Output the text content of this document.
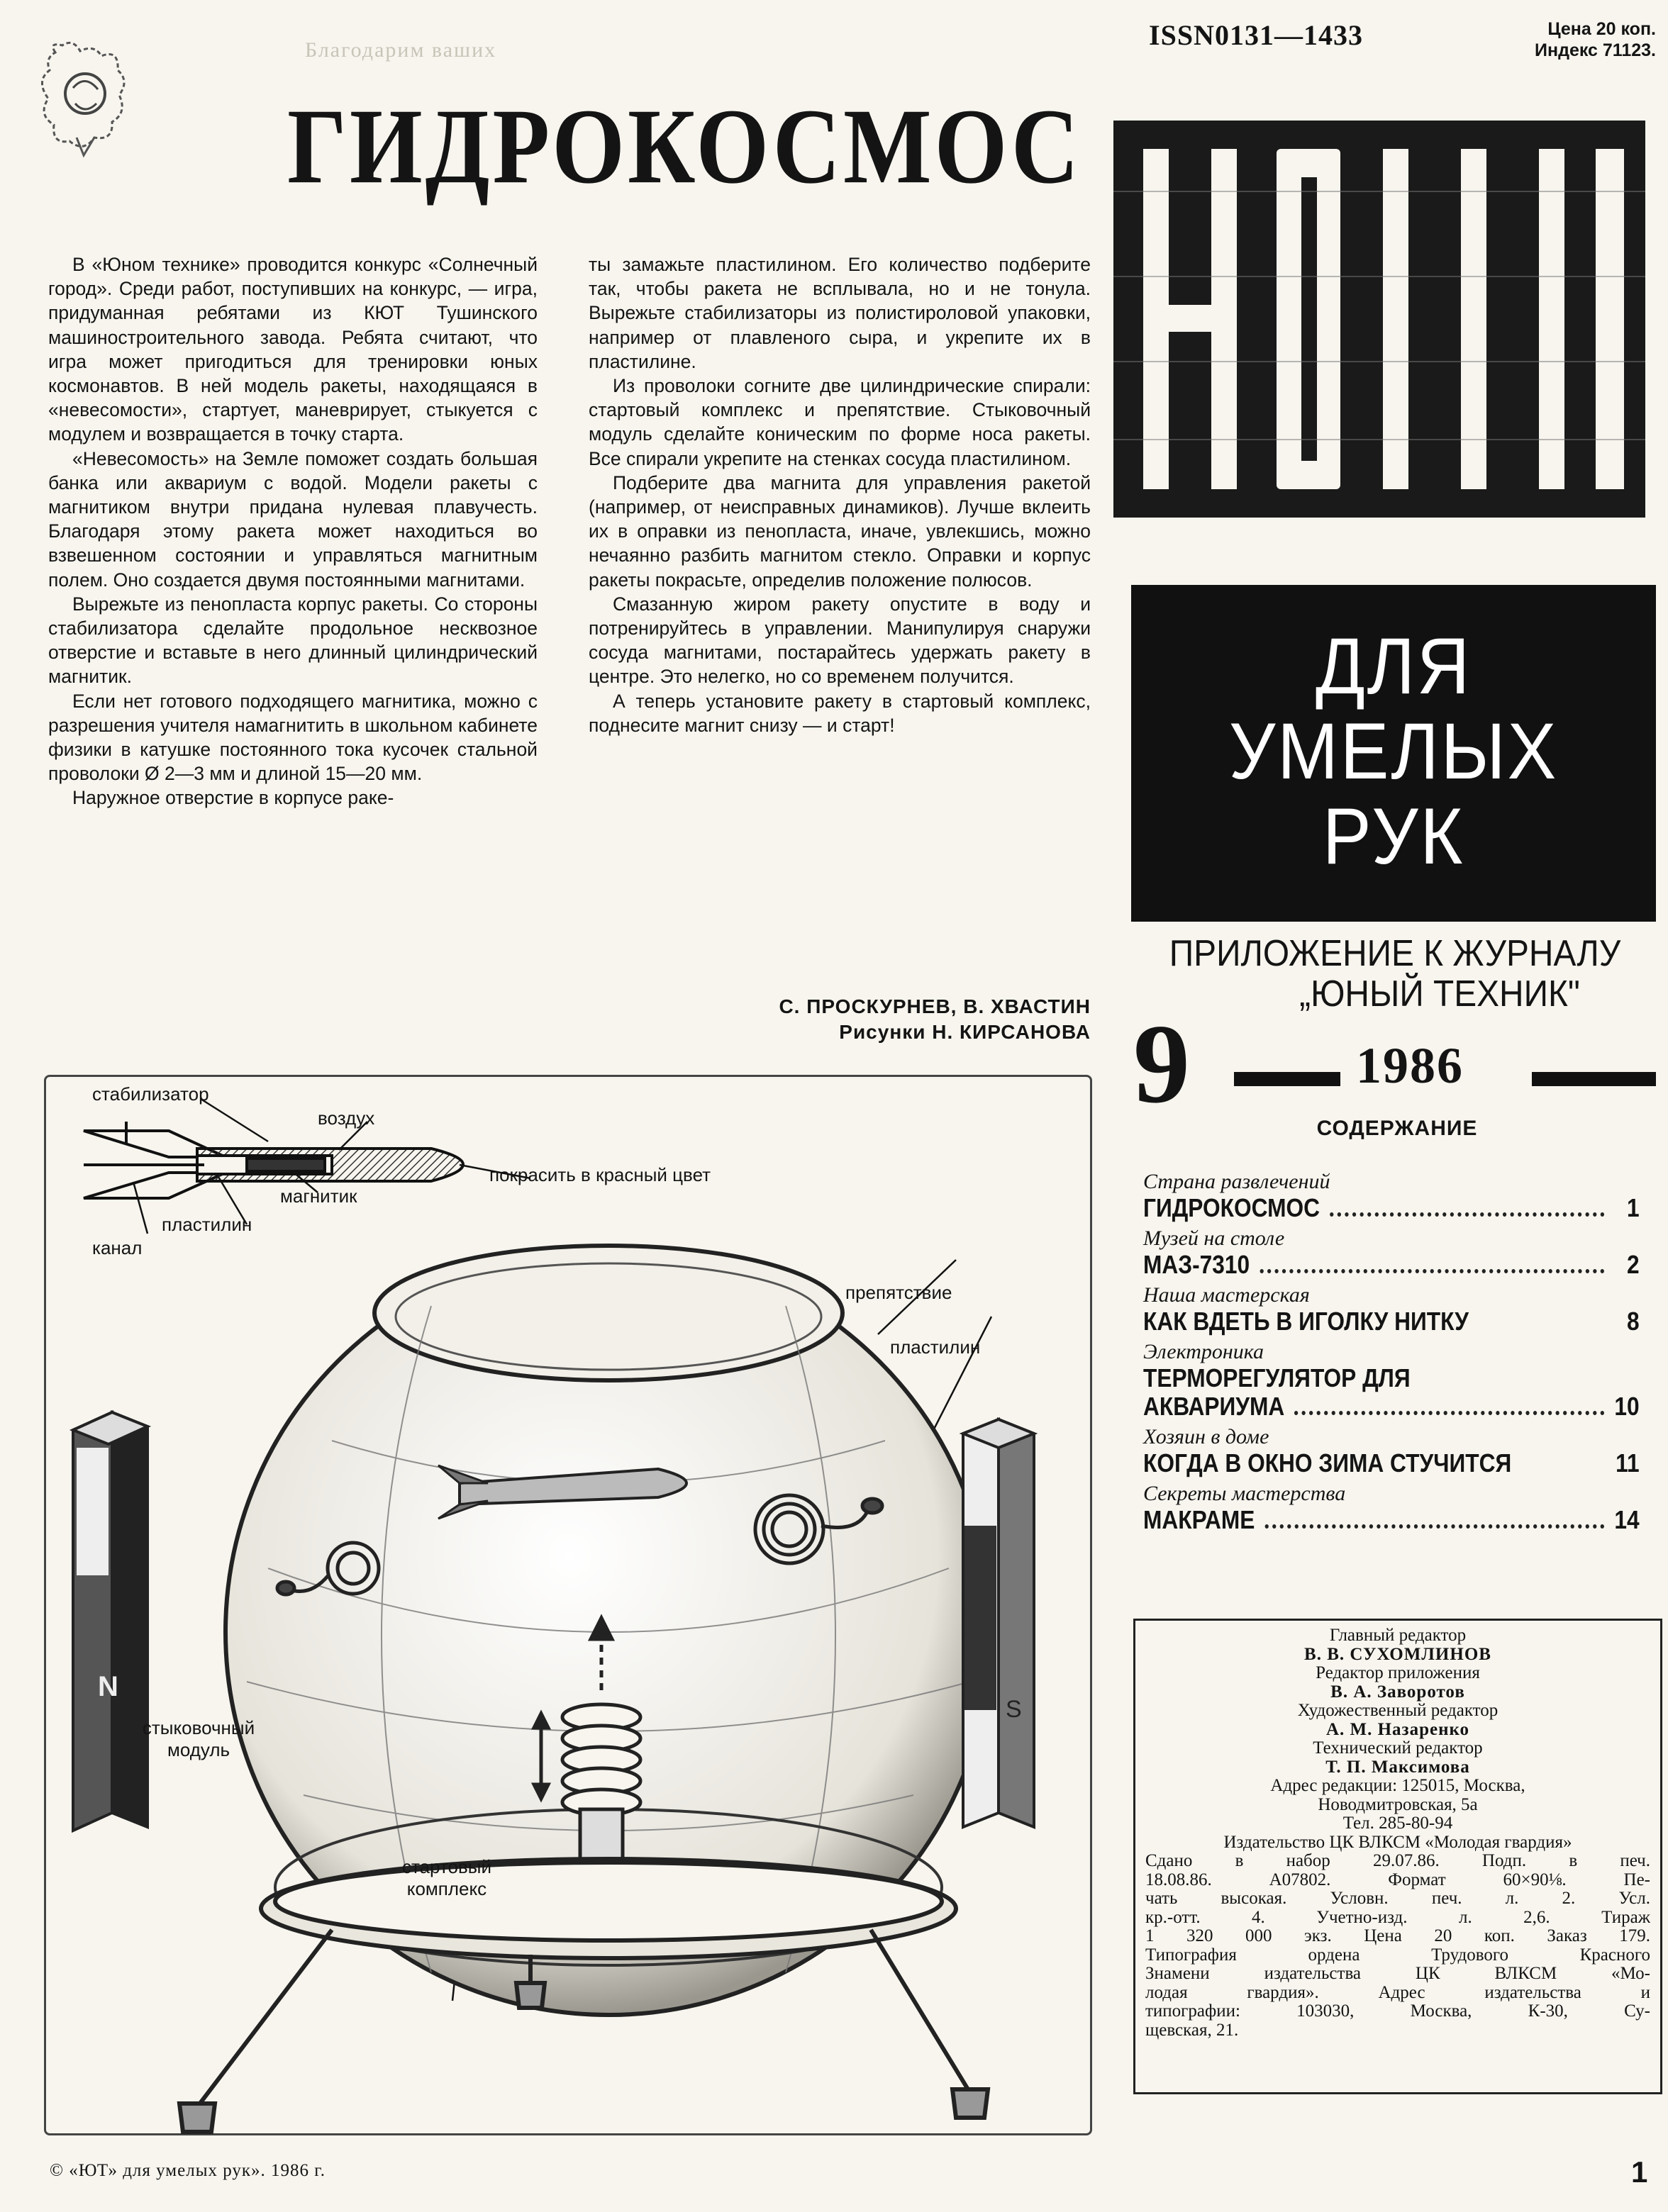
ISSN0131—1433	Цена 20 коп.
Индекс 71123.
Благодарим ваших
ГИДРОКОСМОС

В «Юном технике» проводится конкурс «Солнечный город». Среди работ, поступивших на конкурс, — игра, придуманная ребятами из КЮТ Тушинского машиностроительного завода. Ребята считают, что игра может пригодиться для тренировки юных космонавтов. В ней модель ракеты, находящаяся в «невесомости», стартует, маневрирует, стыкуется с модулем и возвращается в точку старта.

«Невесомость» на Земле поможет создать большая банка или аквариум с водой. Модели ракеты с магнитиком внутри придана нулевая плавучесть. Благодаря этому ракета может находиться во взвешенном состоянии и управляться магнитным полем. Оно создается двумя постоянными магнитами.

Вырежьте из пенопласта корпус ракеты. Со стороны стабилизатора сделайте продольное несквозное отверстие и вставьте в него длинный цилиндрический магнитик.

Если нет готового подходящего магнитика, можно с разрешения учителя намагнитить в школьном кабинете физики в катушке постоянного тока кусочек стальной проволоки Ø 2—3 мм и длиной 15—20 мм.

Наружное отверстие в корпусе раке-

ты замажьте пластилином. Его количество подберите так, чтобы ракета не всплывала, но и не тонула. Вырежьте стабилизаторы из полистироловой упаковки, например от плавленого сыра, и укрепите их в пластилине.

Из проволоки согните две цилиндрические спирали: стартовый комплекс и препятствие. Стыковочный модуль сделайте коническим по форме носа ракеты. Все спирали укрепите на стенках сосуда пластилином.

Подберите два магнита для управления ракетой (например, от неисправных динамиков). Лучше вклеить их в оправки из пенопласта, иначе, увлекшись, можно нечаянно разбить магнитом стекло. Оправки и корпус ракеты покрасьте, определив положение полюсов.

Смазанную жиром ракету опустите в воду и потренируйтесь в управлении. Манипулируя снаружи сосуда магнитами, постарайтесь удержать ракету в центре. Это нелегко, но со временем получится.

А теперь установите ракету в стартовый комплекс, поднесите магнит снизу — и старт!

С. ПРОСКУРНЕВ, В. ХВАСТИН
Рисунки Н. КИРСАНОВА
ДЛЯ
УМЕЛЫХ
РУК
ПРИЛОЖЕНИЕ К ЖУРНАЛУ
„ЮНЫЙ ТЕХНИК"
9	1986
СОДЕРЖАНИЕ
Страна развлечений
ГИДРОКОСМОС	1
Музей на столе
МАЗ-7310	2
Наша мастерская
КАК ВДЕТЬ В ИГОЛКУ НИТКУ	8
Электроника
ТЕРМОРЕГУЛЯТОР ДЛЯ
АКВАРИУМА	10
Хозяин в доме
КОГДА В ОКНО ЗИМА СТУЧИТСЯ	11
Секреты мастерства
МАКРАМЕ	14
Главный редактор
В. В. СУХОМЛИНОВ
Редактор приложения
В. А. Заворотов
Художественный редактор
А. М. Назаренко
Технический редактор
Т. П. Максимова
Адрес редакции: 125015, Москва,
Новодмитровская, 5а
Тел. 285-80-94
Издательство ЦК ВЛКСМ «Молодая гвардия»
Сдано в набор 29.07.86. Подп. в печ.
18.08.86. А07802. Формат 60×90⅛. Пе-
чать высокая. Условн. печ. л. 2. Усл.
кр.-отт. 4. Учетно-изд. л. 2,6. Тираж
1 320 000 экз. Цена 20 коп. Заказ 179.
Типография ордена Трудового Красного
Знамени издательства ЦК ВЛКСМ «Мо-
лодая гвардия». Адрес издательства и
типографии: 103030, Москва, К-30, Су-
щевская, 21.
N
S
стабилизатор
воздух
покрасить в красный цвет
магнитик
пластилин
канал
препятствие
пластилин
стыковочный
модуль
стартовый
комплекс
© «ЮТ» для умелых рук». 1986 г.	1
